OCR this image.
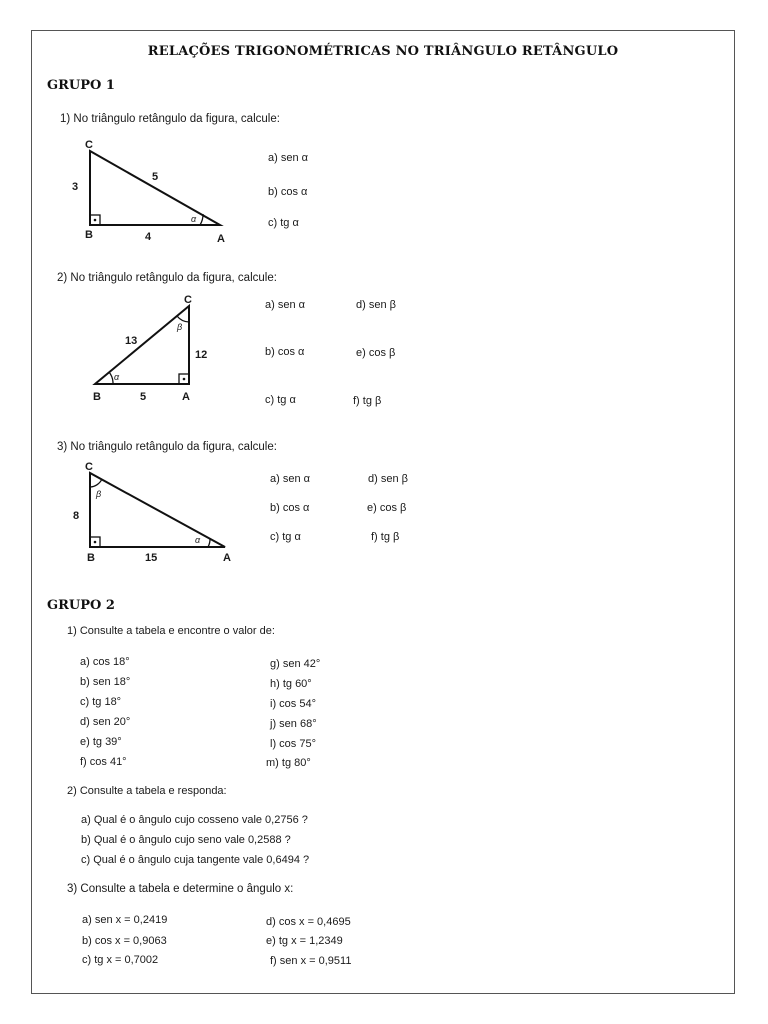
RELAÇÕES TRIGONOMÉTRICAS NO TRIÂNGULO RETÂNGULO
GRUPO 1
1) No triângulo retângulo da figura, calcule:
C
B	A
3
5
4
α
a) sen α
b) cos α
c) tg α
2) No triângulo retângulo da figura, calcule:
C
B	A
13
12
5
α
β
a) sen α
b) cos α
c) tg α
d) sen β
e) cos β
f) tg β
3) No triângulo retângulo da figura, calcule:
C
B	A
8
15
β
α
a) sen α
b) cos α
c) tg α
d) sen β
e) cos β
f) tg β
GRUPO 2
1) Consulte a tabela e encontre o valor de:
a) cos 18°
b) sen 18°
c) tg 18°
d) sen 20°
e) tg 39°
f) cos 41°
g) sen 42°
h) tg 60°
i) cos 54°
j) sen 68°
l) cos 75°
m) tg 80°
2) Consulte a tabela e responda:
a) Qual é o ângulo cujo cosseno vale 0,2756 ?
b) Qual é o ângulo cujo seno vale 0,2588 ?
c) Qual é o ângulo cuja tangente vale 0,6494 ?
3) Consulte a tabela e determine o ângulo x:
a) sen x = 0,2419
b) cos x = 0,9063
c) tg x = 0,7002
d) cos x = 0,4695
e) tg x = 1,2349
f) sen x = 0,9511
